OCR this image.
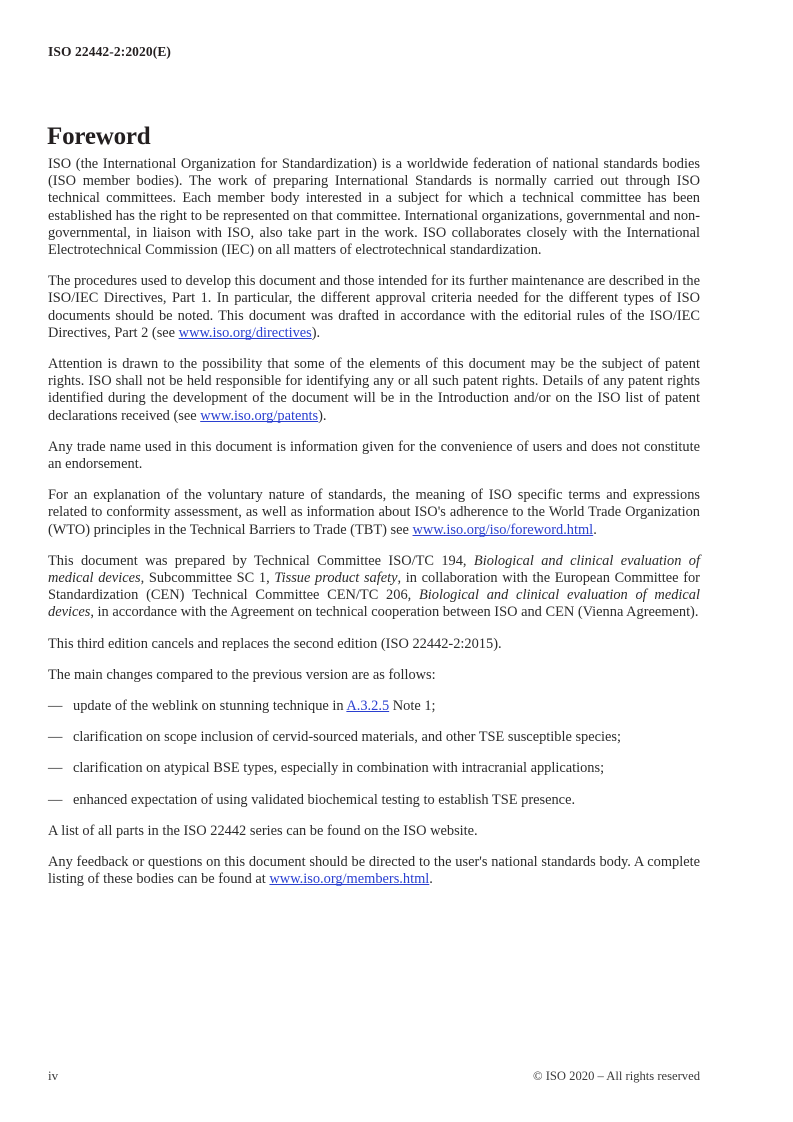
ISO 22442-2:2020(E)
Foreword

ISO (the International Organization for Standardization) is a worldwide federation of national standards bodies (ISO member bodies). The work of preparing International Standards is normally carried out through ISO technical committees. Each member body interested in a subject for which a technical committee has been established has the right to be represented on that committee. International organizations, governmental and non-governmental, in liaison with ISO, also take part in the work. ISO collaborates closely with the International Electrotechnical Commission (IEC) on all matters of electrotechnical standardization.

The procedures used to develop this document and those intended for its further maintenance are described in the ISO/IEC Directives, Part 1. In particular, the different approval criteria needed for the different types of ISO documents should be noted. This document was drafted in accordance with the editorial rules of the ISO/IEC Directives, Part 2 (see www.iso.org/directives).

Attention is drawn to the possibility that some of the elements of this document may be the subject of patent rights. ISO shall not be held responsible for identifying any or all such patent rights. Details of any patent rights identified during the development of the document will be in the Introduction and/or on the ISO list of patent declarations received (see www.iso.org/patents).

Any trade name used in this document is information given for the convenience of users and does not constitute an endorsement.

For an explanation of the voluntary nature of standards, the meaning of ISO specific terms and expressions related to conformity assessment, as well as information about ISO's adherence to the World Trade Organization (WTO) principles in the Technical Barriers to Trade (TBT) see www.iso.org/iso/foreword.html.

This document was prepared by Technical Committee ISO/TC 194, Biological and clinical evaluation of medical devices, Subcommittee SC 1, Tissue product safety, in collaboration with the European Committee for Standardization (CEN) Technical Committee CEN/TC 206, Biological and clinical evaluation of medical devices, in accordance with the Agreement on technical cooperation between ISO and CEN (Vienna Agreement).

This third edition cancels and replaces the second edition (ISO 22442-2:2015).

The main changes compared to the previous version are as follows:

— update of the weblink on stunning technique in A.3.2.5 Note 1;
— clarification on scope inclusion of cervid-sourced materials, and other TSE susceptible species;
— clarification on atypical BSE types, especially in combination with intracranial applications;
— enhanced expectation of using validated biochemical testing to establish TSE presence.

A list of all parts in the ISO 22442 series can be found on the ISO website.

Any feedback or questions on this document should be directed to the user's national standards body. A complete listing of these bodies can be found at www.iso.org/members.html.

iv	© ISO 2020 – All rights reserved
